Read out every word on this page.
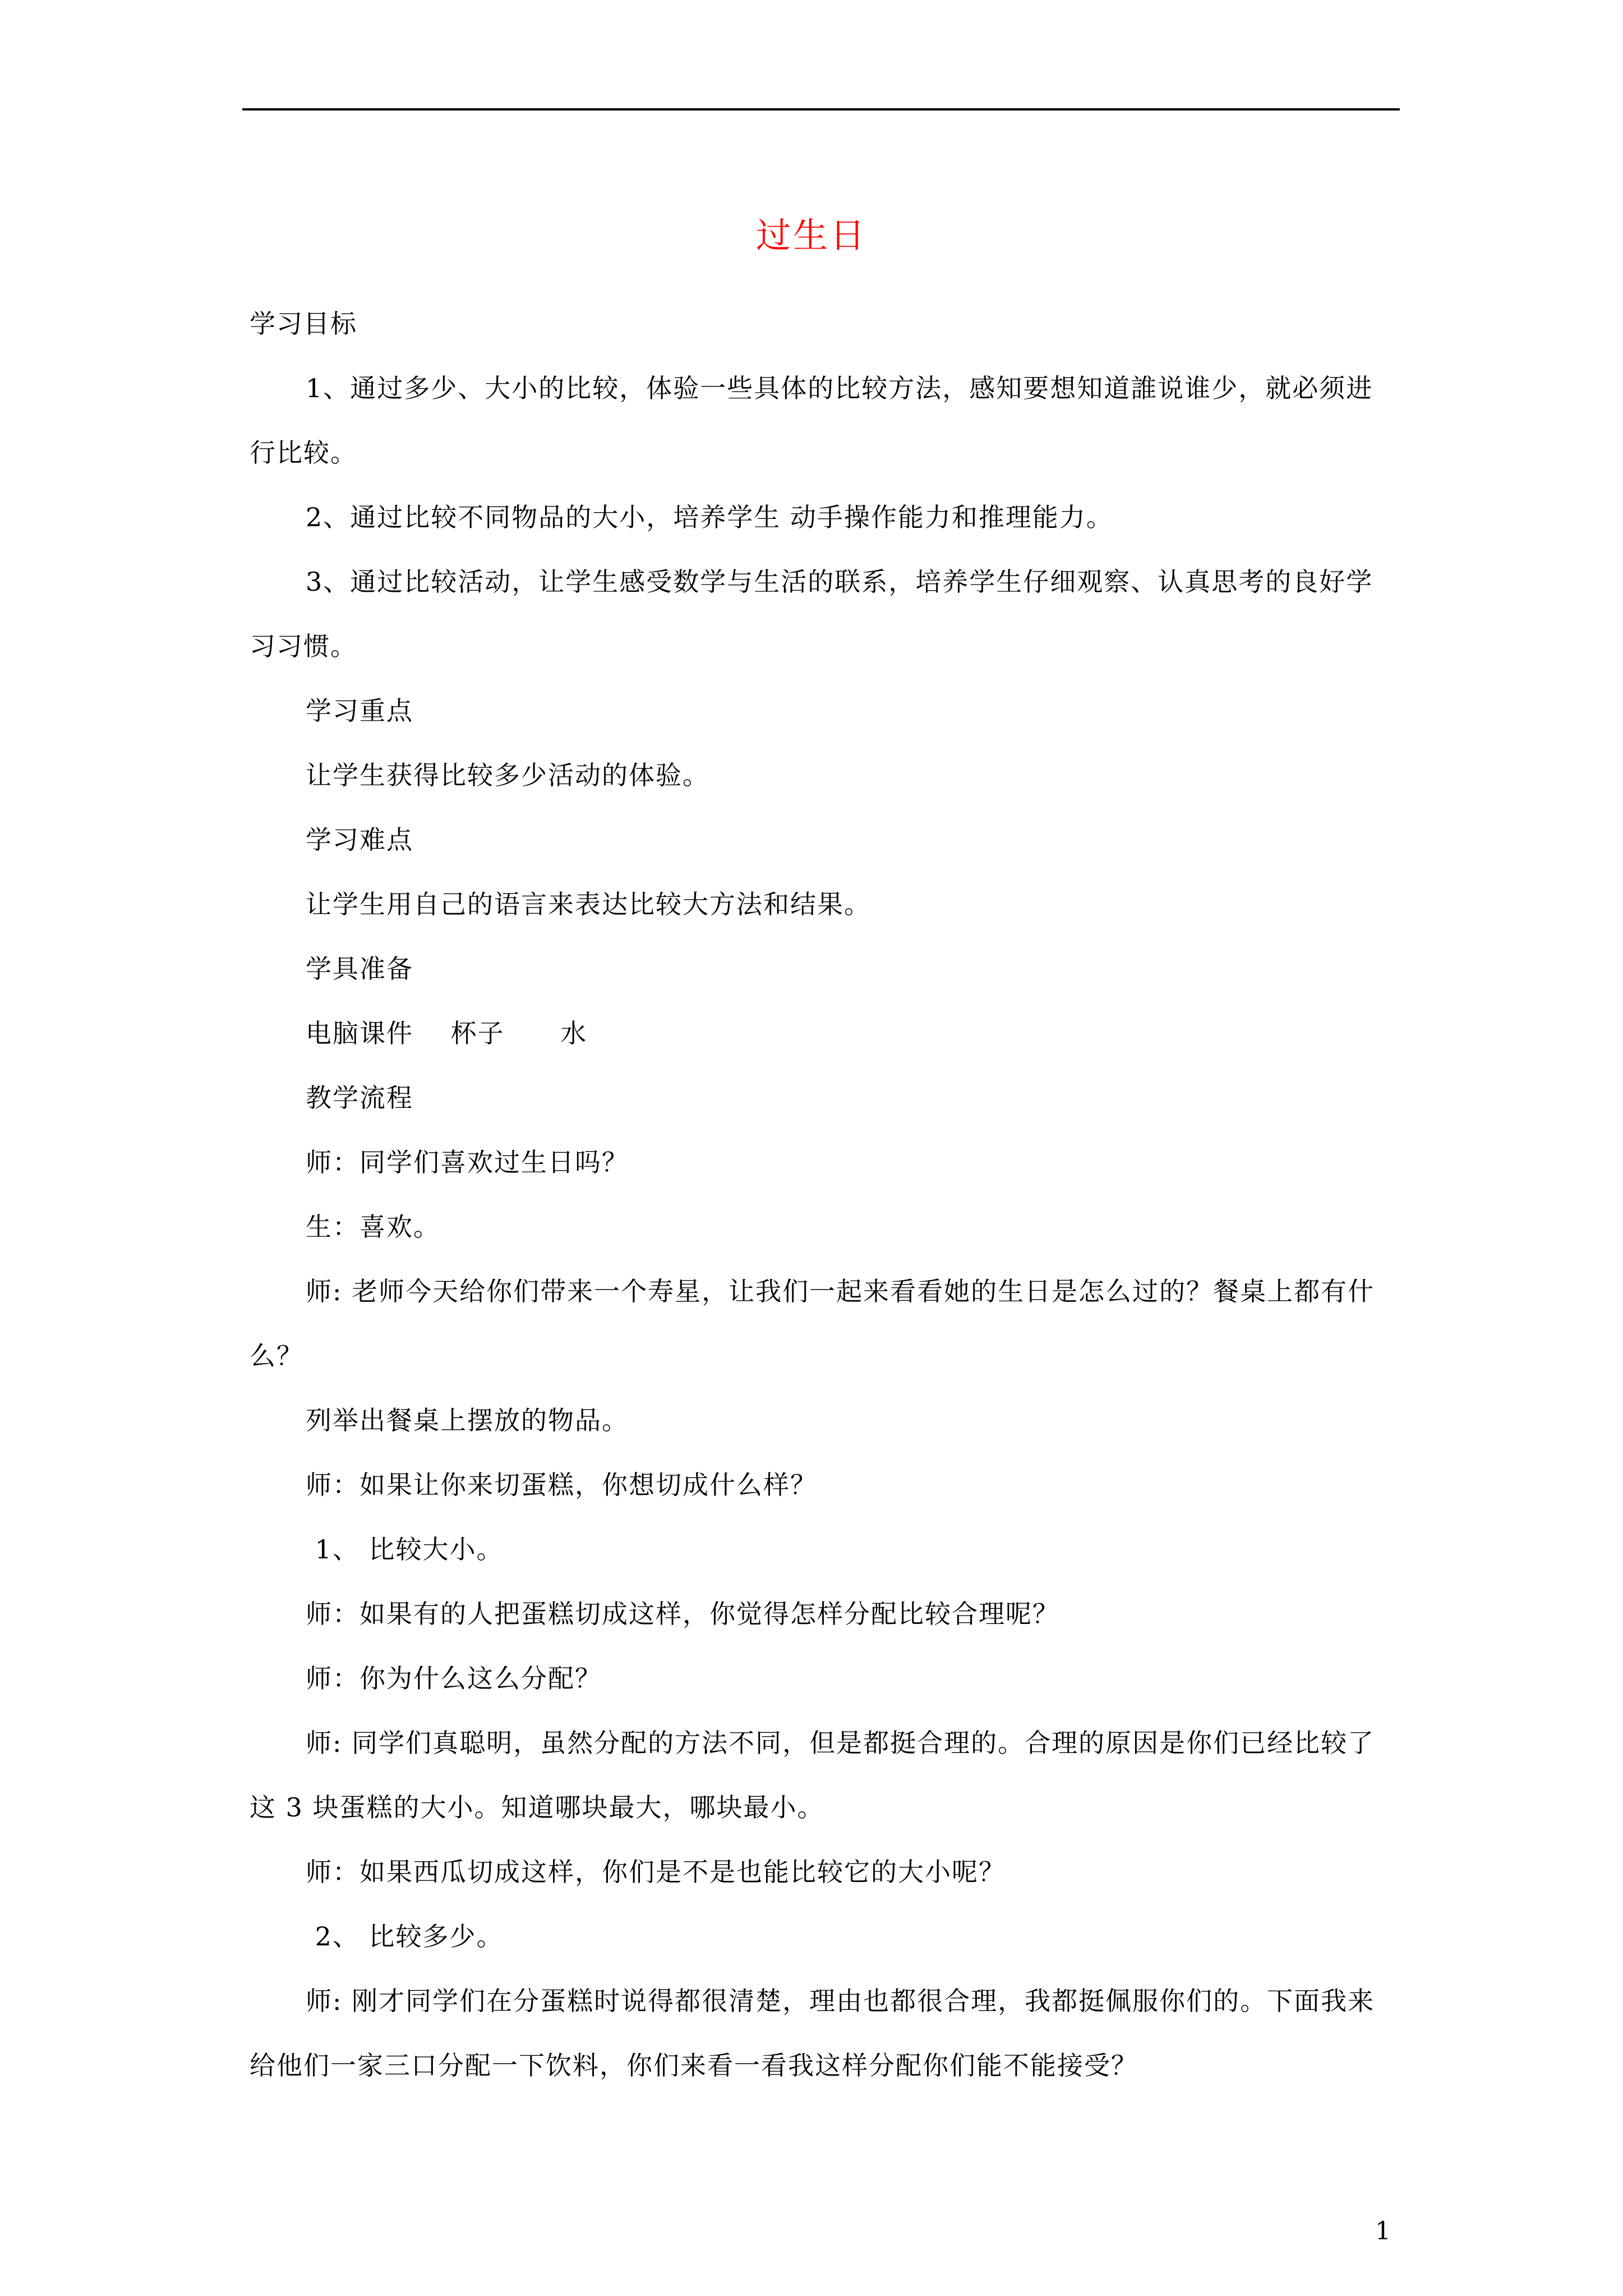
过生日

学习目标

1、通过多少、大小的比较，体验一些具体的比较方法，感知要想知道誰说谁少，就必须进行比较。

2、通过比较不同物品的大小，培养学生 动手操作能力和推理能力。

3、通过比较活动，让学生感受数学与生活的联系，培养学生仔细观察、认真思考的良好学习习惯。

学习重点

让学生获得比较多少活动的体验。

学习难点

让学生用自己的语言来表达比较大方法和结果。

学具准备

电脑课件    杯子      水

教学流程

师：同学们喜欢过生日吗？

生：喜欢。

师: 老师今天给你们带来一个寿星，让我们一起来看看她的生日是怎么过的？餐桌上都有什么？

列举出餐桌上摆放的物品。

师：如果让你来切蛋糕，你想切成什么样？

1、 比较大小。

师：如果有的人把蛋糕切成这样，你觉得怎样分配比较合理呢？

师：你为什么这么分配？

师: 同学们真聪明，虽然分配的方法不同，但是都挺合理的。合理的原因是你们已经比较了这 3 块蛋糕的大小。知道哪块最大，哪块最小。

师：如果西瓜切成这样，你们是不是也能比较它的大小呢？

2、 比较多少。

师: 刚才同学们在分蛋糕时说得都很清楚，理由也都很合理，我都挺佩服你们的。下面我来给他们一家三口分配一下饮料，你们来看一看我这样分配你们能不能接受？

1
